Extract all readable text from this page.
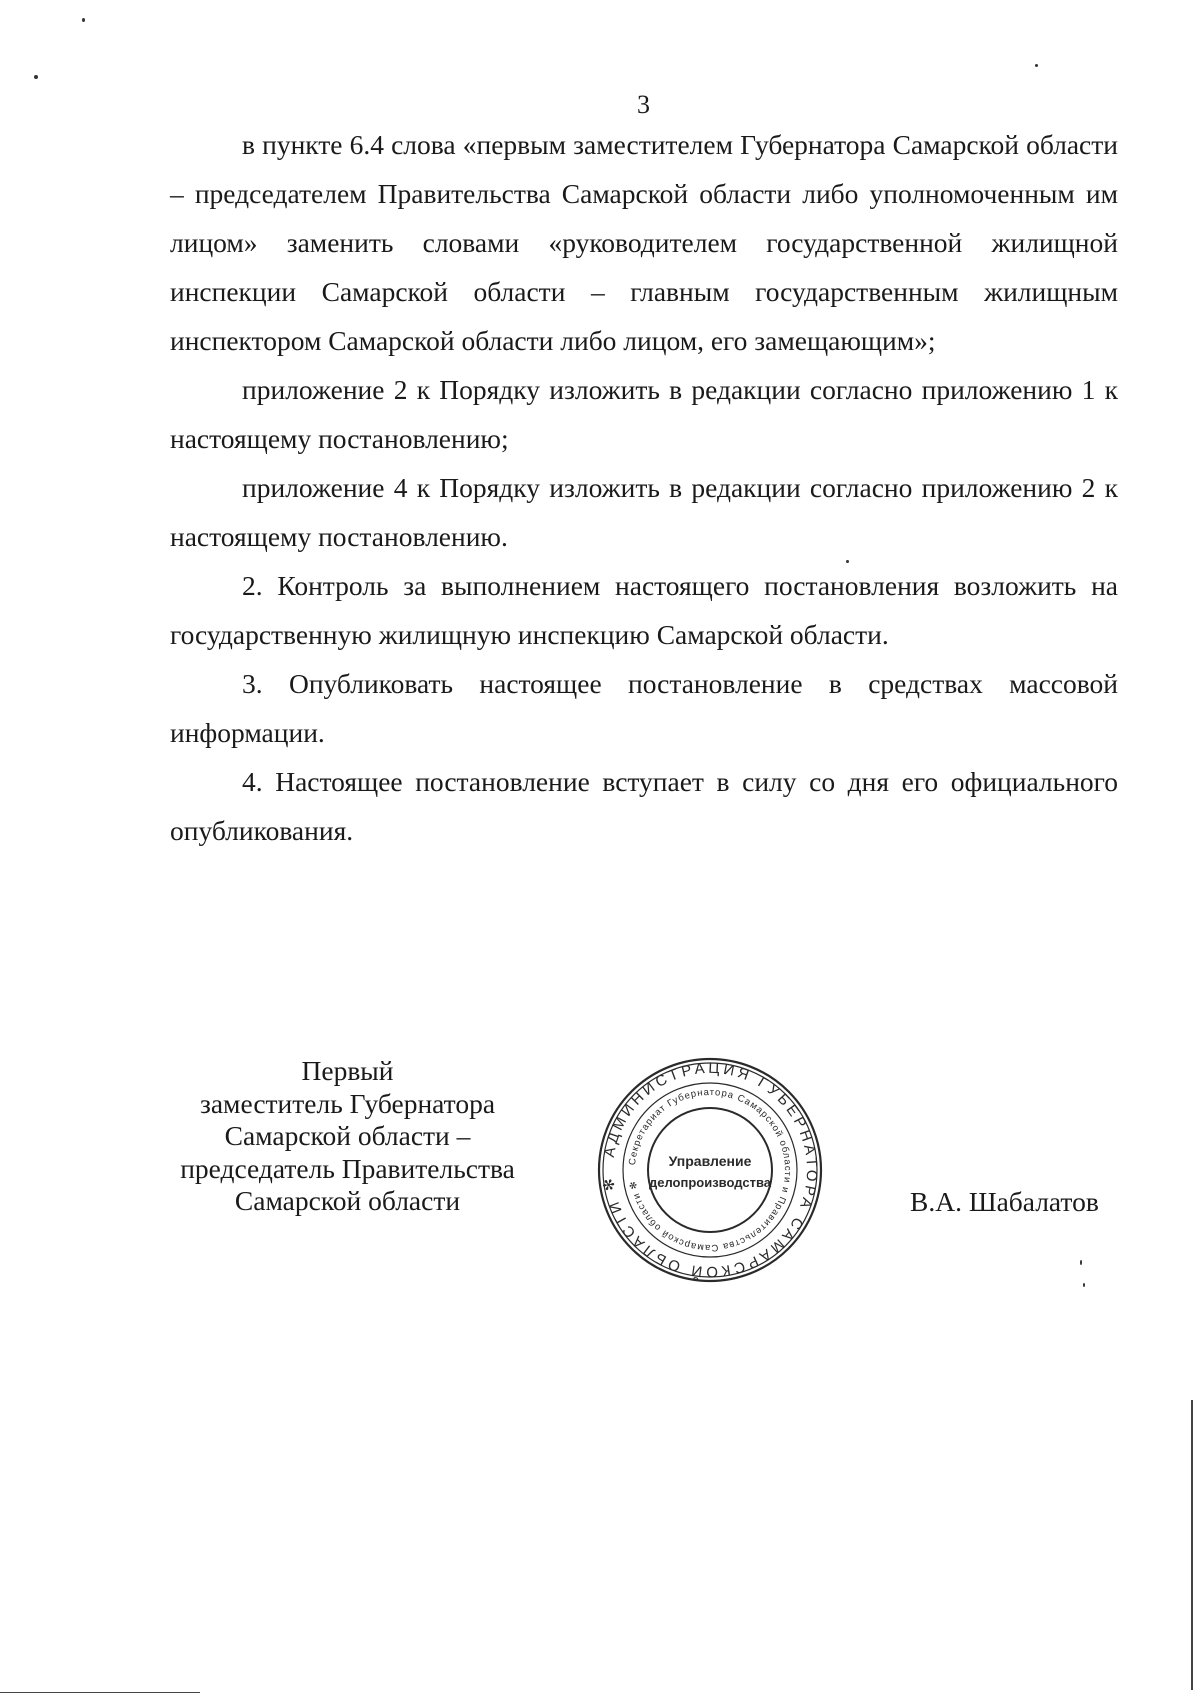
3

в пункте 6.4 слова «первым заместителем Губернатора Самарской области – председателем Правительства Самарской области либо уполномоченным им лицом» заменить словами «руководителем государственной жилищной инспекции Самарской области – главным государственным жилищным инспектором Самарской области либо лицом, его замещающим»;

приложение 2 к Порядку изложить в редакции согласно приложению 1 к настоящему постановлению;

приложение 4 к Порядку изложить в редакции согласно приложению 2 к настоящему постановлению.

2. Контроль за выполнением настоящего постановления возложить на государственную жилищную инспекцию Самарской области.

3. Опубликовать настоящее постановление в средствах массовой информации.

4. Настоящее постановление вступает в силу со дня его официального опубликования.

Первый
заместитель Губернатора
Самарской области –
председатель Правительства
Самарской области
АДМИНИСТРАЦИЯ ГУБЕРНАТОРА САМАРСКОЙ ОБЛАСТИ ✻
Секретариат Губернатора Самарской области и Правительства Самарской области ✻
Управление
делопроизводства
В.А. Шабалатов
